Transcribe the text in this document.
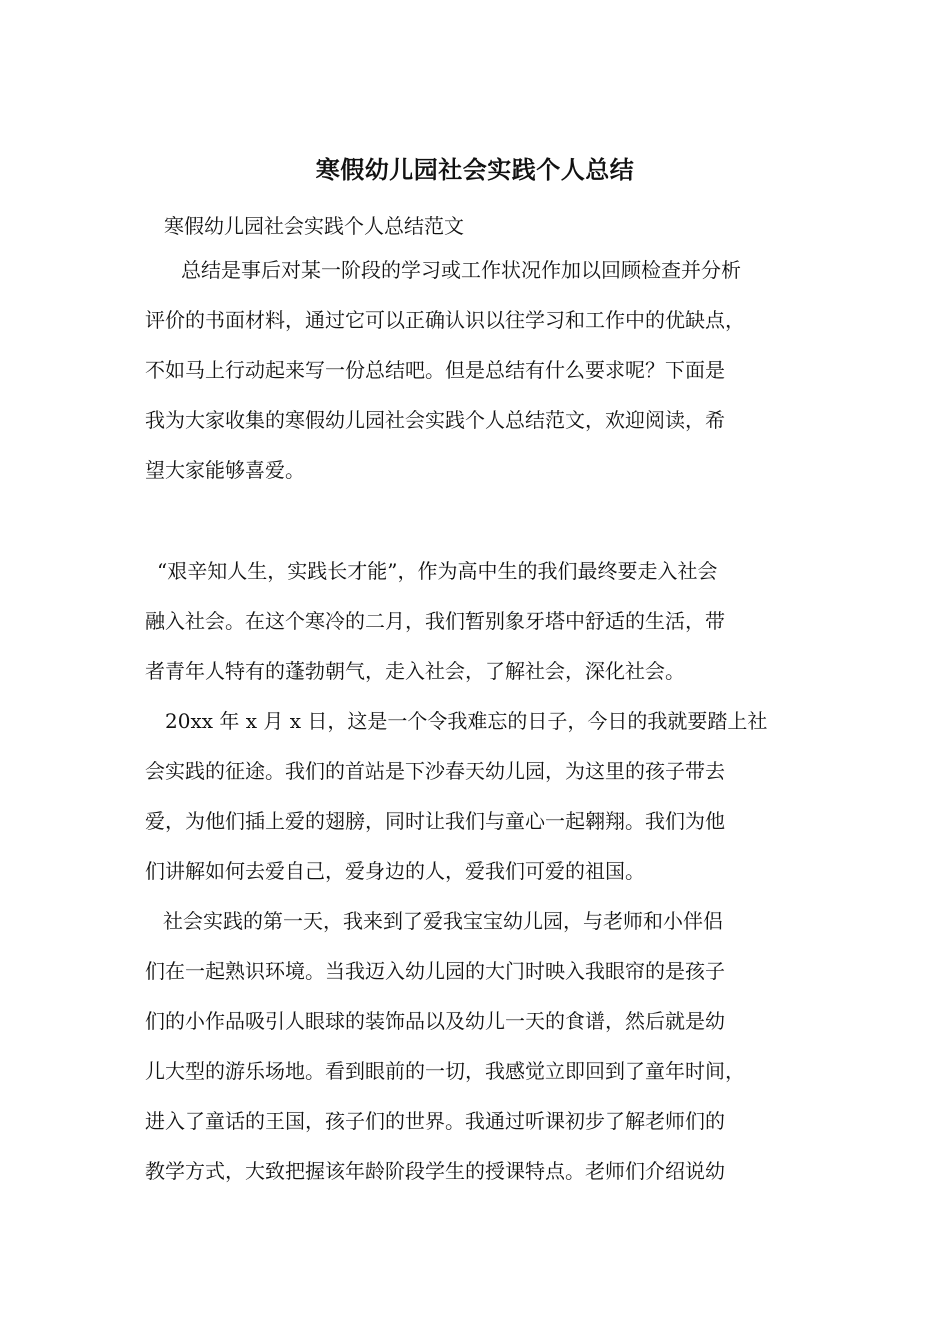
寒假幼儿园社会实践个人总结
寒假幼儿园社会实践个人总结范文
总结是事后对某一阶段的学习或工作状况作加以回顾检查并分析
评价的书面材料，通过它可以正确认识以往学习和工作中的优缺点，
不如马上行动起来写一份总结吧。但是总结有什么要求呢？下面是
我为大家收集的寒假幼儿园社会实践个人总结范文，欢迎阅读，希
望大家能够喜爱。
“艰辛知人生，实践长才能”，作为高中生的我们最终要走入社会
融入社会。在这个寒冷的二月，我们暂别象牙塔中舒适的生活，带
者青年人特有的蓬勃朝气，走入社会，了解社会，深化社会。
20xx 年 x 月 x 日，这是一个令我难忘的日子，今日的我就要踏上社
会实践的征途。我们的首站是下沙春天幼儿园，为这里的孩子带去
爱，为他们插上爱的翅膀，同时让我们与童心一起翱翔。我们为他
们讲解如何去爱自己，爱身边的人，爱我们可爱的祖国。
社会实践的第一天，我来到了爱我宝宝幼儿园，与老师和小伴侣
们在一起熟识环境。当我迈入幼儿园的大门时映入我眼帘的是孩子
们的小作品吸引人眼球的装饰品以及幼儿一天的食谱，然后就是幼
儿大型的游乐场地。看到眼前的一切，我感觉立即回到了童年时间，
进入了童话的王国，孩子们的世界。我通过听课初步了解老师们的
教学方式，大致把握该年龄阶段学生的授课特点。老师们介绍说幼
